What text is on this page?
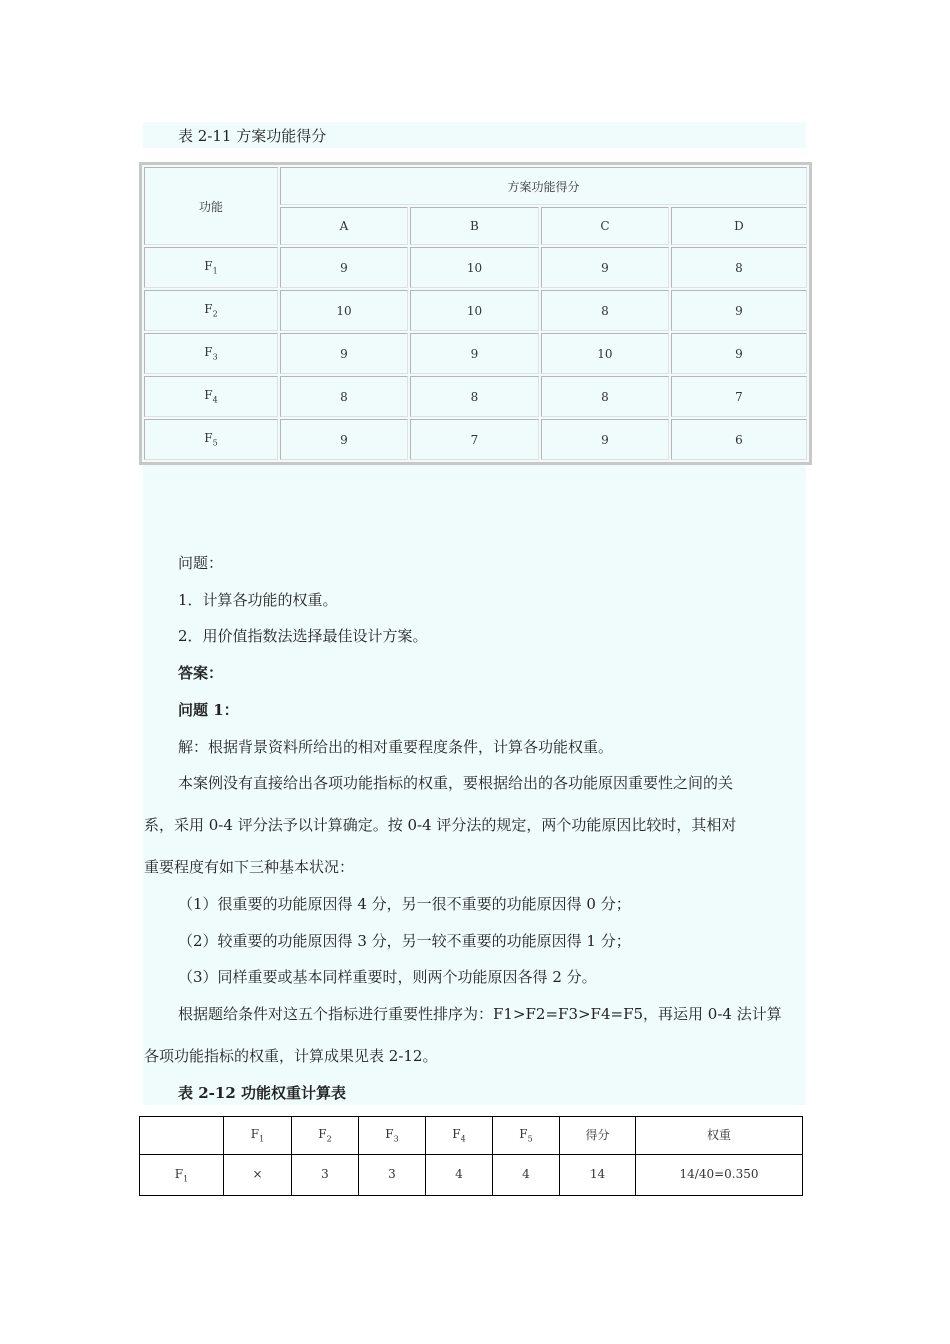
表 2-11 方案功能得分
功能	方案功能得分			
	A	B	C	D
$F_1$	9	10	9	8
$F_2$	10	10	8	9
$F_3$	9	9	10	9
$F_4$	8	8	8	7
$F_5$	9	7	9	6
问题：
1．计算各功能的权重。
2．用价值指数法选择最佳设计方案。
答案：
问题 1：
解：根据背景资料所给出的相对重要程度条件，计算各功能权重。
本案例没有直接给出各项功能指标的权重，要根据给出的各功能原因重要性之间的关
系，采用 0-4 评分法予以计算确定。按 0-4 评分法的规定，两个功能原因比较时，其相对
重要程度有如下三种基本状况：
（1）很重要的功能原因得 4 分，另一很不重要的功能原因得 0 分；
（2）较重要的功能原因得 3 分，另一较不重要的功能原因得 1 分；
（3）同样重要或基本同样重要时，则两个功能原因各得 2 分。
根据题给条件对这五个指标进行重要性排序为：F1>F2=F3>F4=F5，再运用 0-4 法计算
各项功能指标的权重，计算成果见表 2-12。
表 2-12 功能权重计算表
	$F_1$	$F_2$	$F_3$	$F_4$	$F_5$	得分	权重
$F_1$	×	3	3	4	4	14	14/40=0.350
